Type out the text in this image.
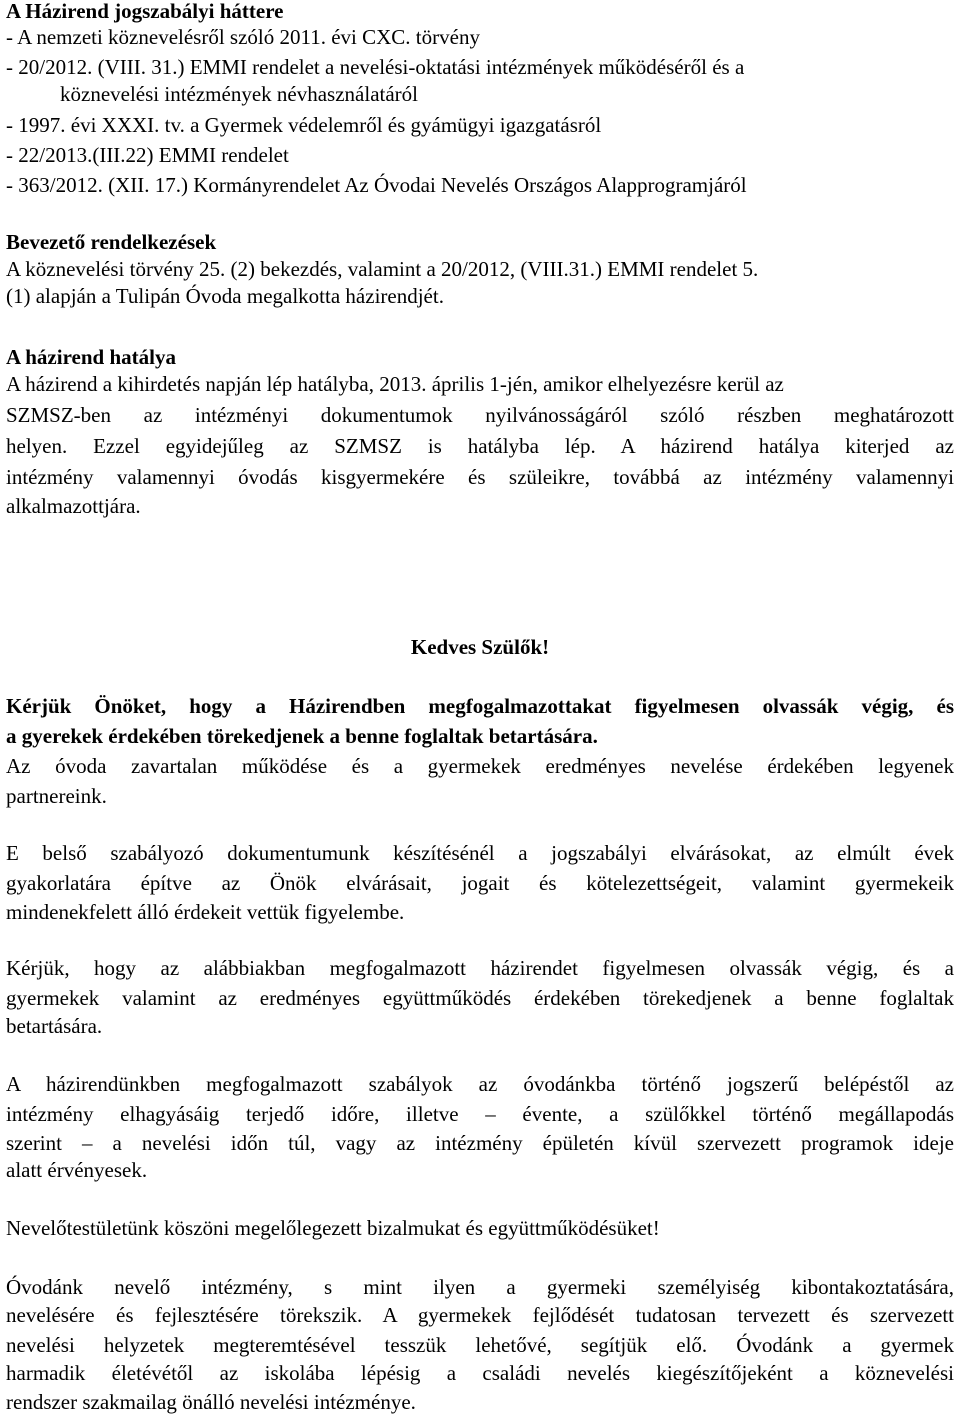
A Házirend jogszabályi háttere
- A nemzeti köznevelésről szóló 2011. évi CXC. törvény
- 20/2012. (VIII. 31.) EMMI rendelet a nevelési-oktatási intézmények működéséről és a
köznevelési intézmények névhasználatáról
- 1997. évi XXXI. tv. a Gyermek védelemről és gyámügyi igazgatásról
- 22/2013.(III.22) EMMI rendelet
- 363/2012. (XII. 17.) Kormányrendelet Az Óvodai Nevelés Országos Alapprogramjáról
Bevezető rendelkezések
A köznevelési törvény 25. (2) bekezdés, valamint a 20/2012, (VIII.31.) EMMI rendelet 5.
(1) alapján a Tulipán Óvoda megalkotta házirendjét.
A házirend hatálya
A házirend a kihirdetés napján lép hatályba, 2013. április 1-jén, amikor elhelyezésre kerül az
SZMSZ-ben az intézményi dokumentumok nyilvánosságáról szóló részben meghatározott
helyen. Ezzel egyidejűleg az SZMSZ is hatályba lép. A házirend hatálya kiterjed az
intézmény valamennyi óvodás kisgyermekére és szüleikre, továbbá az intézmény valamennyi
alkalmazottjára.
Kedves Szülők!
Kérjük Önöket, hogy a Házirendben megfogalmazottakat figyelmesen olvassák végig, és
a gyerekek érdekében törekedjenek a benne foglaltak betartására.
Az óvoda zavartalan működése és a gyermekek eredményes nevelése érdekében legyenek
partnereink.
E belső szabályozó dokumentumunk készítésénél a jogszabályi elvárásokat, az elmúlt évek
gyakorlatára építve az Önök elvárásait, jogait és kötelezettségeit, valamint gyermekeik
mindenekfelett álló érdekeit vettük figyelembe.
Kérjük, hogy az alábbiakban megfogalmazott házirendet figyelmesen olvassák végig, és a
gyermekek valamint az eredményes együttműködés érdekében törekedjenek a benne foglaltak
betartására.
A házirendünkben megfogalmazott szabályok az óvodánkba történő jogszerű belépéstől az
intézmény elhagyásáig terjedő időre, illetve – évente, a szülőkkel történő megállapodás
szerint – a nevelési időn túl, vagy az intézmény épületén kívül szervezett programok ideje
alatt érvényesek.
Nevelőtestületünk köszöni megelőlegezett bizalmukat és együttműködésüket!
Óvodánk nevelő intézmény, s mint ilyen a gyermeki személyiség kibontakoztatására,
nevelésére és fejlesztésére törekszik. A gyermekek fejlődését tudatosan tervezett és szervezett
nevelési helyzetek megteremtésével tesszük lehetővé, segítjük elő. Óvodánk a gyermek
harmadik életévétől az iskolába lépésig a családi nevelés kiegészítőjeként a köznevelési
rendszer szakmailag önálló nevelési intézménye.
